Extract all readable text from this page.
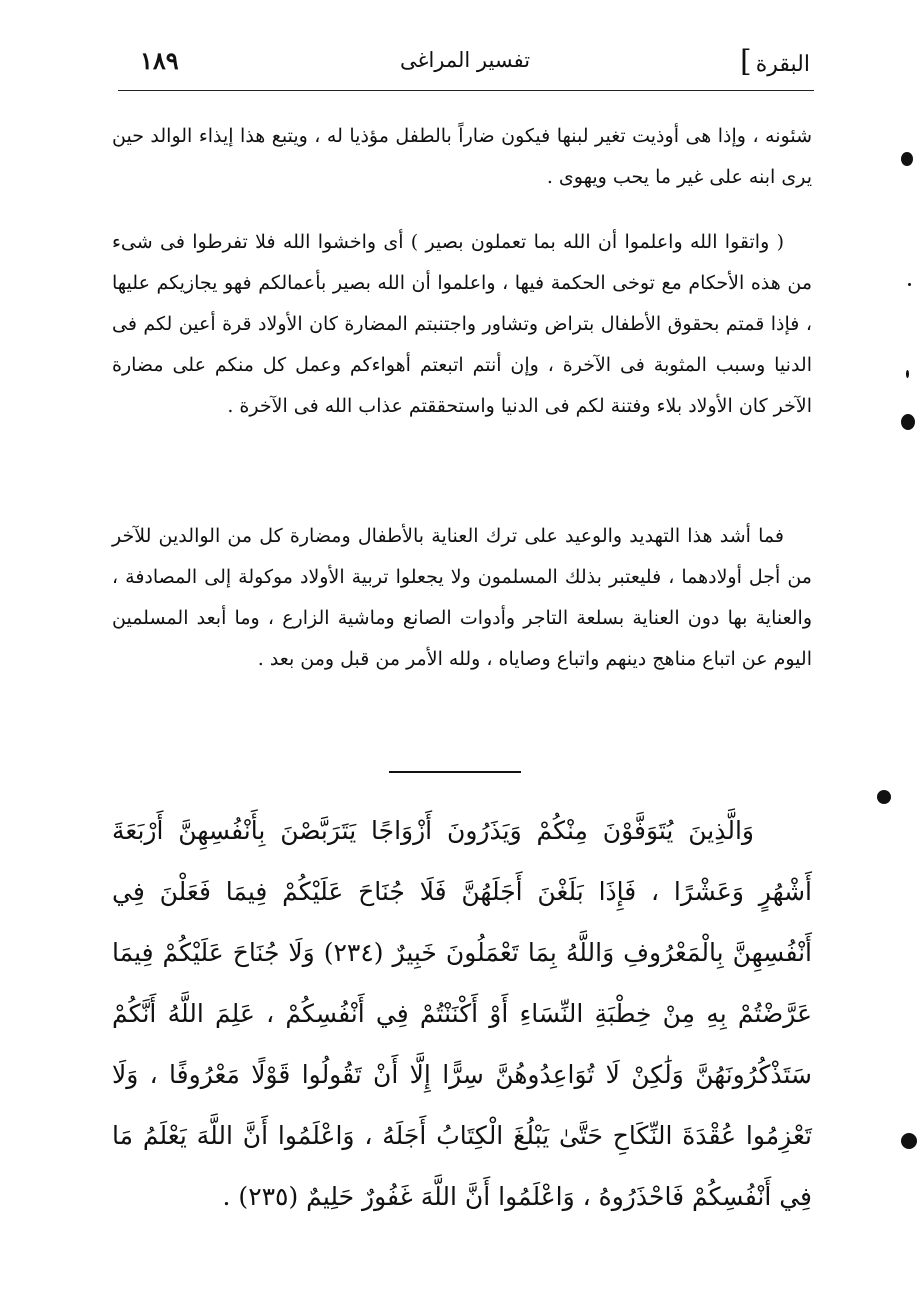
البقرة]
تفسير المراغى
١٨٩
شئونه ، وإذا هى أوذيت تغير لبنها فيكون ضاراً بالطفل مؤذيا له ، ويتبع هذا إيذاء الوالد حين يرى ابنه على غير ما يحب ويهوى .
( واتقوا الله واعلموا أن الله بما تعملون بصير ) أى واخشوا الله فلا تفرطوا فى شىء من هذه الأحكام مع توخى الحكمة فيها ، واعلموا أن الله بصير بأعمالكم فهو يجازيكم عليها ، فإذا قمتم بحقوق الأطفال بتراض وتشاور واجتنبتم المضارة كان الأولاد قرة أعين لكم فى الدنيا وسبب المثوبة فى الآخرة ، وإن أنتم اتبعتم أهواءكم وعمل كل منكم على مضارة الآخر كان الأولاد بلاء وفتنة لكم فى الدنيا واستحققتم عذاب الله فى الآخرة .
فما أشد هذا التهديد والوعيد على ترك العناية بالأطفال ومضارة كل من الوالدين للآخر من أجل أولادهما ، فليعتبر بذلك المسلمون ولا يجعلوا تربية الأولاد موكولة إلى المصادفة ، والعناية بها دون العناية بسلعة التاجر وأدوات الصانع وماشية الزارع ، وما أبعد المسلمين اليوم عن اتباع مناهج دينهم واتباع وصاياه ، ولله الأمر من قبل ومن بعد .
وَالَّذِينَ يُتَوَفَّوْنَ مِنْكُمْ وَيَذَرُونَ أَزْوَاجًا يَتَرَبَّصْنَ بِأَنْفُسِهِنَّ أَرْبَعَةَ أَشْهُرٍ وَعَشْرًا ، فَإِذَا بَلَغْنَ أَجَلَهُنَّ فَلَا جُنَاحَ عَلَيْكُمْ فِيمَا فَعَلْنَ فِي أَنْفُسِهِنَّ بِالْمَعْرُوفِ وَاللَّهُ بِمَا تَعْمَلُونَ خَبِيرٌ (٢٣٤) وَلَا جُنَاحَ عَلَيْكُمْ فِيمَا عَرَّضْتُمْ بِهِ مِنْ خِطْبَةِ النِّسَاءِ أَوْ أَكْنَنْتُمْ فِي أَنْفُسِكُمْ ، عَلِمَ اللَّهُ أَنَّكُمْ سَتَذْكُرُونَهُنَّ وَلَٰكِنْ لَا تُوَاعِدُوهُنَّ سِرًّا إِلَّا أَنْ تَقُولُوا قَوْلًا مَعْرُوفًا ، وَلَا تَعْزِمُوا عُقْدَةَ النِّكَاحِ حَتَّىٰ يَبْلُغَ الْكِتَابُ أَجَلَهُ ، وَاعْلَمُوا أَنَّ اللَّهَ يَعْلَمُ مَا فِي أَنْفُسِكُمْ فَاحْذَرُوهُ ، وَاعْلَمُوا أَنَّ اللَّهَ غَفُورٌ حَلِيمٌ (٢٣٥) .
